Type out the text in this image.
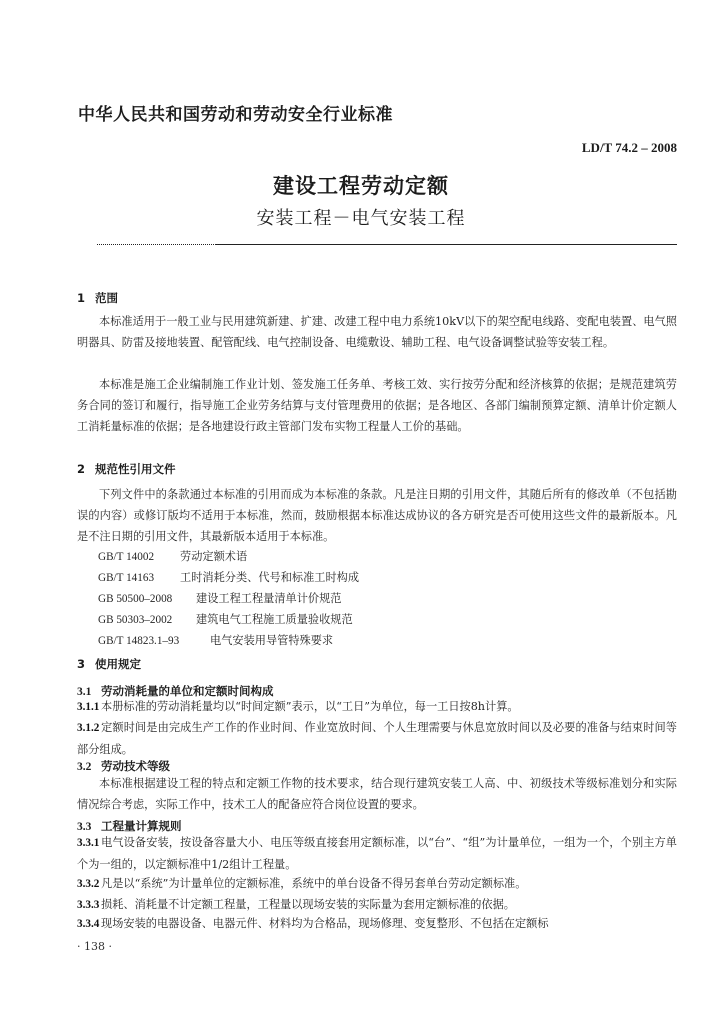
中华人民共和国劳动和劳动安全行业标准
LD/T 74.2 – 2008
建设工程劳动定额
安装工程－电气安装工程
1 范围
本标准适用于一般工业与民用建筑新建、扩建、改建工程中电力系统10kV以下的架空配电线路、变配电装置、电气照明器具、防雷及接地装置、配管配线、电气控制设备、电缆敷设、辅助工程、电气设备调整试验等安装工程。
本标准是施工企业编制施工作业计划、签发施工任务单、考核工效、实行按劳分配和经济核算的依据；是规范建筑劳务合同的签订和履行，指导施工企业劳务结算与支付管理费用的依据；是各地区、各部门编制预算定额、清单计价定额人工消耗量标准的依据；是各地建设行政主管部门发布实物工程量人工价的基础。
2 规范性引用文件
下列文件中的条款通过本标准的引用而成为本标准的条款。凡是注日期的引用文件，其随后所有的修改单（不包括勘误的内容）或修订版均不适用于本标准，然而，鼓励根据本标准达成协议的各方研究是否可使用这些文件的最新版本。凡是不注日期的引用文件，其最新版本适用于本标准。
GB/T 14002 劳动定额术语
GB/T 14163 工时消耗分类、代号和标准工时构成
GB 50500–2008 建设工程工程量清单计价规范
GB 50303–2002 建筑电气工程施工质量验收规范
GB/T 14823.1–93	电气安装用导管特殊要求
3 使用规定
3.1 劳动消耗量的单位和定额时间构成
3.1.1 本册标准的劳动消耗量均以“时间定额”表示，以“工日”为单位，每一工日按8h计算。
3.1.2 定额时间是由完成生产工作的作业时间、作业宽放时间、个人生理需要与休息宽放时间以及必要的准备与结束时间等部分组成。
3.2 劳动技术等级
本标准根据建设工程的特点和定额工作物的技术要求，结合现行建筑安装工人高、中、初级技术等级标准划分和实际情况综合考虑，实际工作中，技术工人的配备应符合岗位设置的要求。
3.3 工程量计算规则
3.3.1 电气设备安装，按设备容量大小、电压等级直接套用定额标准，以“台”、“组”为计量单位，一组为一个，个别主方单个为一组的，以定额标准中1/2组计工程量。
3.3.2 凡是以“系统”为计量单位的定额标准，系统中的单台设备不得另套单台劳动定额标准。
3.3.3 损耗、消耗量不计定额工程量，工程量以现场安装的实际量为套用定额标准的依据。
3.3.4 现场安装的电器设备、电器元件、材料均为合格品，现场修理、变复整形、不包括在定额标
· 138 ·
